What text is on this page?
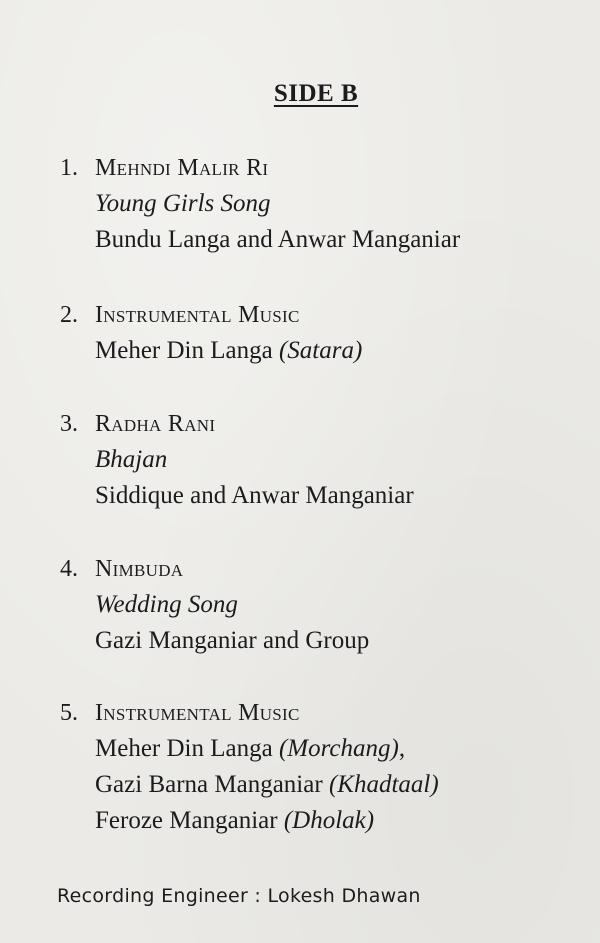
SIDE B
1. Mehndi Malir Ri
Young Girls Song
Bundu Langa and Anwar Manganiar
2. Instrumental Music
Meher Din Langa (Satara)
3. Radha Rani
Bhajan
Siddique and Anwar Manganiar
4. Nimbuda
Wedding Song
Gazi Manganiar and Group
5. Instrumental Music
Meher Din Langa (Morchang),
Gazi Barna Manganiar (Khadtaal)
Feroze Manganiar (Dholak)
Recording Engineer : Lokesh Dhawan
